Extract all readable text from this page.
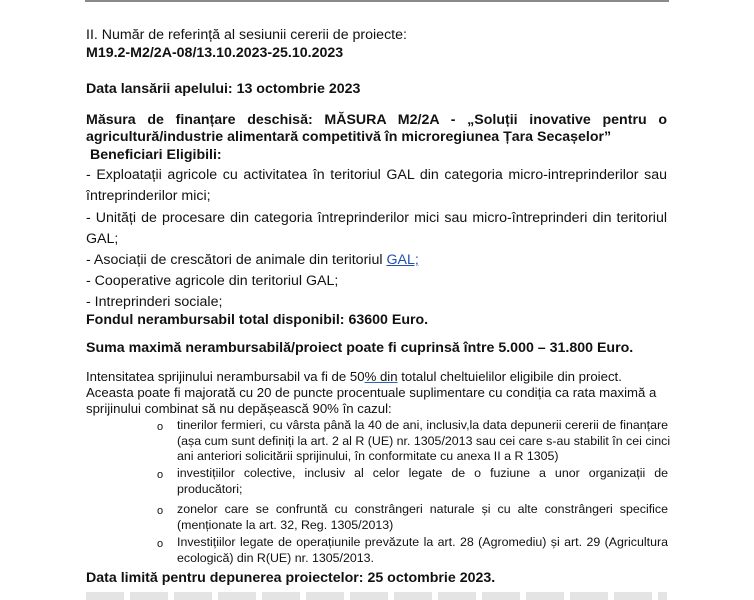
II. Număr de referință al sesiunii cererii de proiecte:
M19.2-M2/2A-08/13.10.2023-25.10.2023
Data lansării apelului: 13 octombrie 2023
Măsura de finanțare deschisă: MĂSURA M2/2A - „Soluții inovative pentru o
agricultură/industrie alimentară competitivă în microregiunea Țara Secașelor”
Beneficiari Eligibili:
- Exploatații agricole cu activitatea în teritoriul GAL din categoria micro-intreprinderilor sau
întreprinderilor mici;
- Unități de procesare din categoria întreprinderilor mici sau micro-întreprinderi din teritoriul
GAL;
- Asociații de crescători de animale din teritoriul GAL;
- Cooperative agricole din teritoriul GAL;
- Intreprinderi sociale;
Fondul nerambursabil total disponibil: 63600 Euro.
Suma maximă nerambursabilă/proiect poate fi cuprinsă între 5.000 – 31.800 Euro.
Intensitatea sprijinului nerambursabil va fi de 50% din totalul cheltuielilor eligibile din proiect.
Aceasta poate fi majorată cu 20 de puncte procentuale suplimentare cu condiția ca rata maximă a
sprijinului combinat să nu depășească 90% în cazul:
o tinerilor fermieri, cu vârsta până la 40 de ani, inclusiv,la data depunerii cererii de finanțare
(așa cum sunt definiți la art. 2 al R (UE) nr. 1305/2013 sau cei care s-au stabilit în cei cinci
ani anteriori solicitării sprijinului, în conformitate cu anexa II a R 1305)
o investițiilor colective, inclusiv al celor legate de o fuziune a unor organizații de
producători;
o zonelor care se confruntă cu constrângeri naturale și cu alte constrângeri specifice
(menționate la art. 32, Reg. 1305/2013)
o Investițiilor legate de operațiunile prevăzute la art. 28 (Agromediu) și art. 29 (Agricultura
ecologică) din R(UE) nr. 1305/2013.
Data limită pentru depunerea proiectelor: 25 octombrie 2023.
